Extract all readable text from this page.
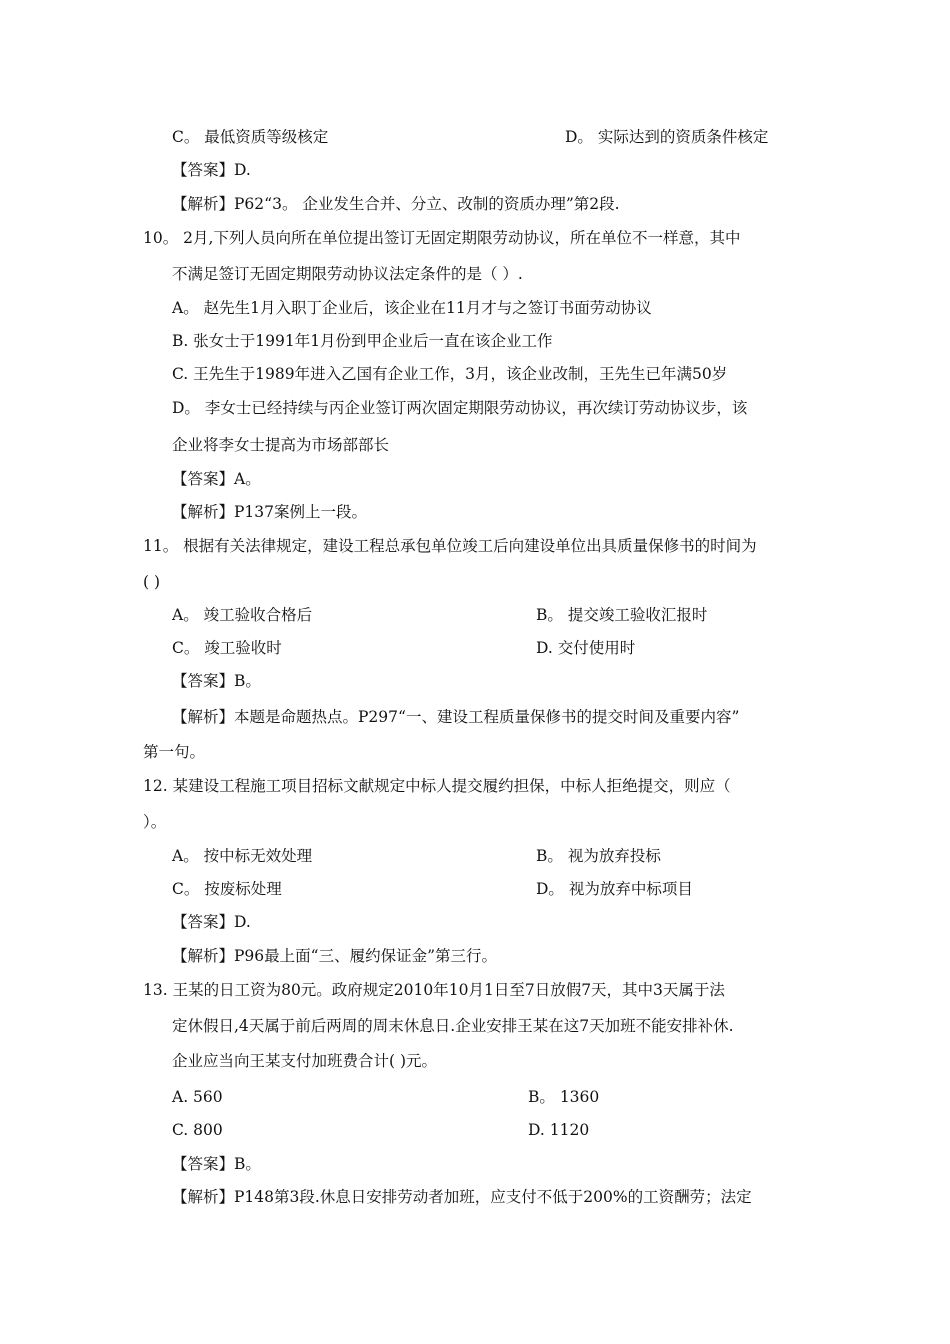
C。 最低资质等级核定	D。 实际达到的资质条件核定
【答案】D.
【解析】P62“3。 企业发生合并、分立、改制的资质办理”第2段.
10。 2月,下列人员向所在单位提出签订无固定期限劳动协议，所在单位不一样意，其中
不满足签订无固定期限劳动协议法定条件的是（ ）.
A。 赵先生1月入职丁企业后，该企业在11月才与之签订书面劳动协议
B. 张女士于1991年1月份到甲企业后一直在该企业工作
C. 王先生于1989年进入乙国有企业工作，3月，该企业改制，王先生已年满50岁
D。 李女士已经持续与丙企业签订两次固定期限劳动协议，再次续订劳动协议步，该
企业将李女士提高为市场部部长
【答案】A。
【解析】P137案例上一段。
11。 根据有关法律规定，建设工程总承包单位竣工后向建设单位出具质量保修书的时间为
( )
A。 竣工验收合格后	B。 提交竣工验收汇报时
C。 竣工验收时	D. 交付使用时
【答案】B。
【解析】本题是命题热点。P297“一、建设工程质量保修书的提交时间及重要内容”
第一句。
12. 某建设工程施工项目招标文献规定中标人提交履约担保，中标人拒绝提交，则应（
）。
A。 按中标无效处理	B。 视为放弃投标
C。 按废标处理	D。 视为放弃中标项目
【答案】D.
【解析】P96最上面“三、履约保证金”第三行。
13. 王某的日工资为80元。政府规定2010年10月1日至7日放假7天，其中3天属于法
定休假日,4天属于前后两周的周末休息日.企业安排王某在这7天加班不能安排补休.
企业应当向王某支付加班费合计( )元。
A. 560	B。 1360
C. 800	D. 1120
【答案】B。
【解析】P148第3段.休息日安排劳动者加班，应支付不低于200%的工资酬劳；法定
